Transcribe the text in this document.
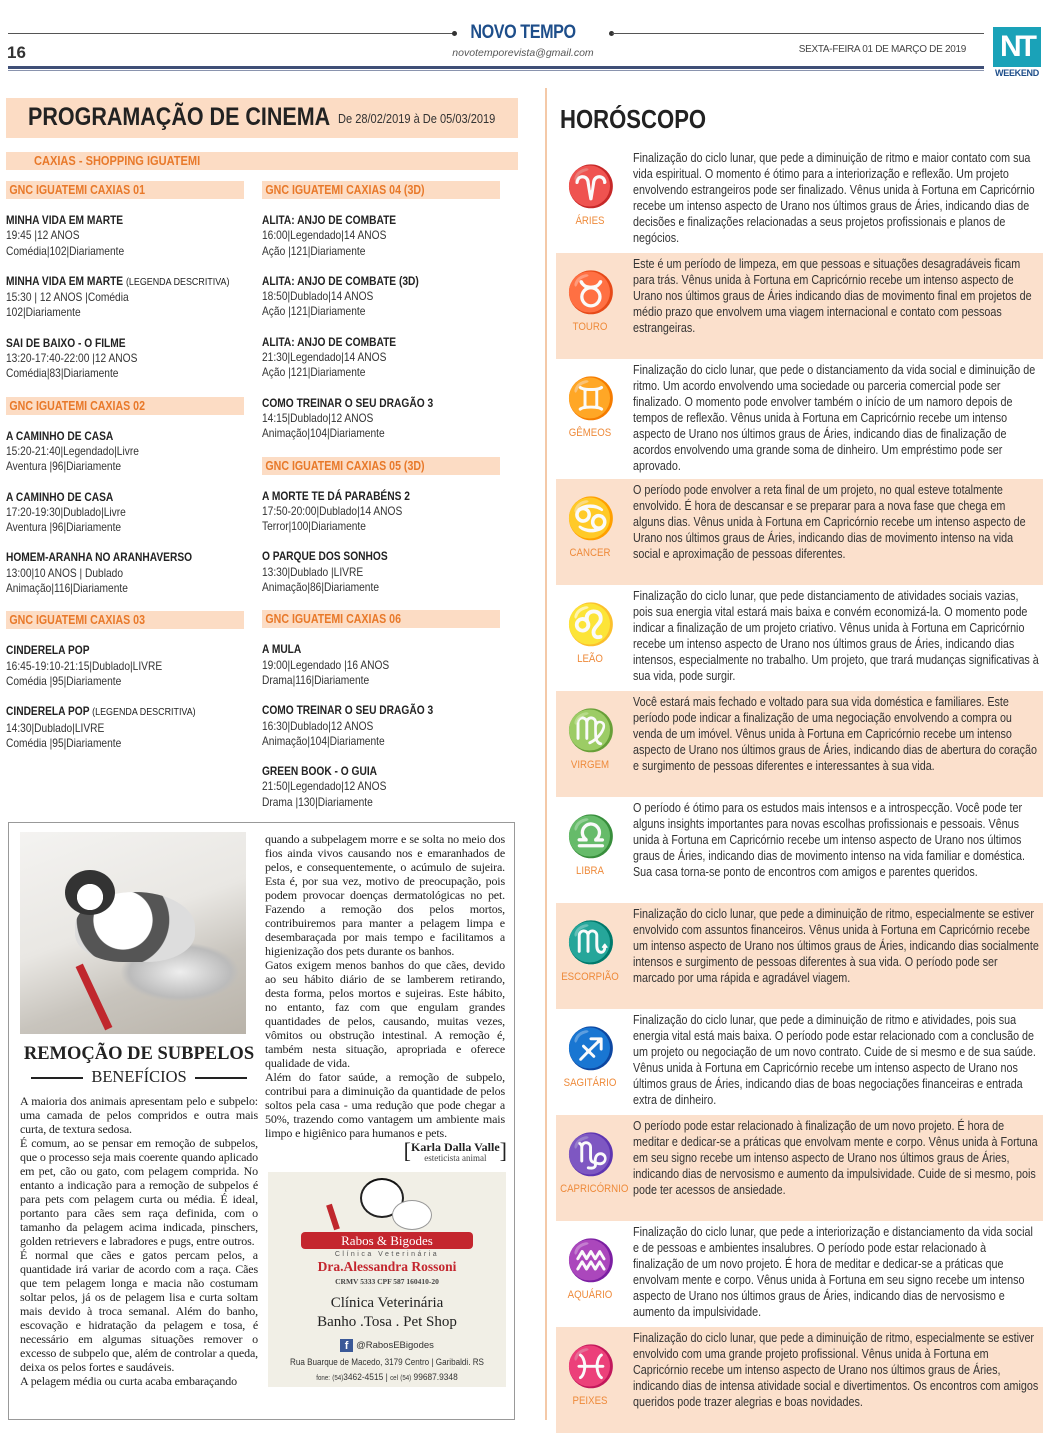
NOVO TEMPO
novotemporevista@gmail.com
16	SEXTA-FEIRA 01 DE MARÇO DE 2019 NT
WEEKEND
PROGRAMAÇÃO DE CINEMA De 28/02/2019 à De 05/03/2019
CAXIAS - SHOPPING IGUATEMI
GNC IGUATEMI CAXIAS 01
MINHA VIDA EM MARTE
19:45 |12 ANOS
Comédia|102|Diariamente
MINHA VIDA EM MARTE (LEGENDA DESCRITIVA)
15:30 | 12 ANOS |Comédia
102|Diariamente
SAI DE BAIXO - O FILME
13:20-17:40-22:00 |12 ANOS
Comédia|83|Diariamente
GNC IGUATEMI CAXIAS 02
A CAMINHO DE CASA
15:20-21:40|Legendado|Livre
Aventura |96|Diariamente
A CAMINHO DE CASA
17:20-19:30|Dublado|Livre
Aventura |96|Diariamente
HOMEM-ARANHA NO ARANHAVERSO
13:00|10 ANOS | Dublado
Animação|116|Diariamente
GNC IGUATEMI CAXIAS 03
CINDERELA POP
16:45-19:10-21:15|Dublado|LIVRE
Comédia |95|Diariamente
CINDERELA POP (LEGENDA DESCRITIVA)
14:30|Dublado|LIVRE
Comédia |95|Diariamente
GNC IGUATEMI CAXIAS 04 (3D)
ALITA: ANJO DE COMBATE
16:00|Legendado|14 ANOS
Ação |121|Diariamente
ALITA: ANJO DE COMBATE (3D)
18:50|Dublado|14 ANOS
Ação |121|Diariamente
ALITA: ANJO DE COMBATE
21:30|Legendado|14 ANOS
Ação |121|Diariamente
COMO TREINAR O SEU DRAGÃO 3
14:15|Dublado|12 ANOS
Animação|104|Diariamente
GNC IGUATEMI CAXIAS 05 (3D)
A MORTE TE DÁ PARABÉNS 2
17:50-20:00|Dublado|14 ANOS
Terror|100|Diariamente
O PARQUE DOS SONHOS
13:30|Dublado |LIVRE
Animação|86|Diariamente
GNC IGUATEMI CAXIAS 06
A MULA
19:00|Legendado |16 ANOS
Drama|116|Diariamente
COMO TREINAR O SEU DRAGÃO 3
16:30|Dublado|12 ANOS
Animação|104|Diariamente
GREEN BOOK - O GUIA
21:50|Legendado|12 ANOS
Drama |130|Diariamente
HORÓSCOPO
♈
ÁRIES
Finalização do ciclo lunar, que pede a diminuição de ritmo e maior contato com sua vida espiritual. O momento é ótimo para a interiorização e reflexão. Um projeto envolvendo estrangeiros pode ser finalizado. Vênus unida à Fortuna em Capricórnio recebe um intenso aspecto de Urano nos últimos graus de Áries, indicando dias de decisões e finalizações relacionadas a seus projetos profissionais e planos de negócios.
♉
TOURO
Este é um período de limpeza, em que pessoas e situações desagradáveis ficam para trás. Vênus unida à Fortuna em Capricórnio recebe um intenso aspecto de Urano nos últimos graus de Áries indicando dias de movimento final em projetos de médio prazo que envolvem uma viagem internacional e contato com pessoas estrangeiras.
♊
GÊMEOS
Finalização do ciclo lunar, que pede o distanciamento da vida social e diminuição de ritmo. Um acordo envolvendo uma sociedade ou parceria comercial pode ser finalizado. O momento pode envolver também o início de um namoro depois de tempos de reflexão. Vênus unida à Fortuna em Capricórnio recebe um intenso aspecto de Urano nos últimos graus de Áries, indicando dias de finalização de acordos envolvendo uma grande soma de dinheiro. Um empréstimo pode ser aprovado.
♋
CANCER
O período pode envolver a reta final de um projeto, no qual esteve totalmente envolvido. É hora de descansar e se preparar para a nova fase que chega em alguns dias. Vênus unida à Fortuna em Capricórnio recebe um intenso aspecto de Urano nos últimos graus de Áries, indicando dias de movimento intenso na vida social e aproximação de pessoas diferentes.
♌
LEÃO
Finalização do ciclo lunar, que pede distanciamento de atividades sociais vazias, pois sua energia vital estará mais baixa e convém economizá-la. O momento pode indicar a finalização de um projeto criativo. Vênus unida à Fortuna em Capricórnio recebe um intenso aspecto de Urano nos últimos graus de Áries, indicando dias intensos, especialmente no trabalho. Um projeto, que trará mudanças significativas à sua vida, pode surgir.
♍
VIRGEM
Você estará mais fechado e voltado para sua vida doméstica e familiares. Este período pode indicar a finalização de uma negociação envolvendo a compra ou venda de um imóvel. Vênus unida à Fortuna em Capricórnio recebe um intenso aspecto de Urano nos últimos graus de Áries, indicando dias de abertura do coração e surgimento de pessoas diferentes e interessantes à sua vida.
♎
LIBRA
O período é ótimo para os estudos mais intensos e a introspecção. Você pode ter alguns insights importantes para novas escolhas profissionais e pessoais. Vênus unida à Fortuna em Capricórnio recebe um intenso aspecto de Urano nos últimos graus de Áries, indicando dias de movimento intenso na vida familiar e doméstica. Sua casa torna-se ponto de encontros com amigos e parentes queridos.
♏
ESCORPIÃO
Finalização do ciclo lunar, que pede a diminuição de ritmo, especialmente se estiver envolvido com assuntos financeiros. Vênus unida à Fortuna em Capricórnio recebe um intenso aspecto de Urano nos últimos graus de Áries, indicando dias socialmente intensos e surgimento de pessoas diferentes à sua vida. O período pode ser marcado por uma rápida e agradável viagem.
♐
SAGITÁRIO
Finalização do ciclo lunar, que pede a diminuição de ritmo e atividades, pois sua energia vital está mais baixa. O período pode estar relacionado com a conclusão de um projeto ou negociação de um novo contrato. Cuide de si mesmo e de sua saúde. Vênus unida à Fortuna em Capricórnio recebe um intenso aspecto de Urano nos últimos graus de Áries, indicando dias de boas negociações financeiras e entrada extra de dinheiro.
♑
CAPRICÓRNIO
O período pode estar relacionado à finalização de um novo projeto. É hora de meditar e dedicar-se a práticas que envolvam mente e corpo. Vênus unida à Fortuna em seu signo recebe um intenso aspecto de Urano nos últimos graus de Áries, indicando dias de nervosismo e aumento da impulsividade. Cuide de si mesmo, pois pode ter acessos de ansiedade.
♒
AQUÁRIO
Finalização do ciclo lunar, que pede a interiorização e distanciamento da vida social e de pessoas e ambientes insalubres. O período pode estar relacionado à finalização de um novo projeto. É hora de meditar e dedicar-se a práticas que envolvam mente e corpo. Vênus unida à Fortuna em seu signo recebe um intenso aspecto de Urano nos últimos graus de Áries, indicando dias de nervosismo e aumento da impulsividade.
♓
PEIXES
Finalização do ciclo lunar, que pede a diminuição de ritmo, especialmente se estiver envolvido com uma grande projeto profissional. Vênus unida à Fortuna em Capricórnio recebe um intenso aspecto de Urano nos últimos graus de Áries, indicando dias de intensa atividade social e divertimentos. Os encontros com amigos queridos pode trazer alegrias e boas novidades.
REMOÇÃO DE SUBPELOS
BENEFÍCIOS

A maioria dos animais apresentam pelo e subpelo: uma camada de pelos compridos e outra mais curta, de textura sedosa.

É comum, ao se pensar em remoção de subpelos, que o processo seja mais coerente quando aplicado em pet, cão ou gato, com pelagem comprida. No entanto a indicação para a remoção de subpelos é para pets com pelagem curta ou média. É ideal, portanto para cães sem raça definida, com o tamanho da pelagem acima indicada, pinschers, golden retrievers e labradores e pugs, entre outros.

É normal que cães e gatos percam pelos, a quantidade irá variar de acordo com a raça. Cães que tem pelagem longa e macia não costumam soltar pelos, já os de pelagem lisa e curta soltam mais devido à troca semanal. Além do banho, escovação e hidratação da pelagem e tosa, é necessário em algumas situações remover o excesso de subpelo que, além de controlar a queda, deixa os pelos fortes e saudáveis.

A pelagem média ou curta acaba embaraçando

quando a subpelagem morre e se solta no meio dos fios ainda vivos causando nos e emaranhados de pelos, e consequentemente, o acúmulo de sujeira. Esta é, por sua vez, motivo de preocupação, pois podem provocar doenças dermatológicas no pet. Fazendo a remoção dos pelos mortos, contribuiremos para manter a pelagem limpa e desembaraçada por mais tempo e facilitamos a higienização dos pets durante os banhos.

Gatos exigem menos banhos do que cães, devido ao seu hábito diário de se lamberem retirando, desta forma, pelos mortos e sujeiras. Este hábito, no entanto, faz com que engulam grandes quantidades de pelos, causando, muitas vezes, vômitos ou obstrução intestinal. A remoção é, também nesta situação, apropriada e oferece qualidade de vida.

Além do fator saúde, a remoção de subpelo, contribui para a diminuição da quantidade de pelos soltos pela casa - uma redução que pode chegar a 50%, trazendo como vantagem um ambiente mais limpo e higiênico para humanos e pets.

[Karla Dalla Valle
esteticista animal ]
Rabos & Bigodes
Clínica Veterinária
Dra.Alessandra Rossoni
CRMV 5333 CPF 587 160410-20
Clínica Veterinária
Banho .Tosa . Pet Shop
f @RabosEBigodes
Rua Buarque de Macedo, 3179 Centro | Garibaldi. RS
fone: (54)3462-4515 | cel (54) 99687.9348
